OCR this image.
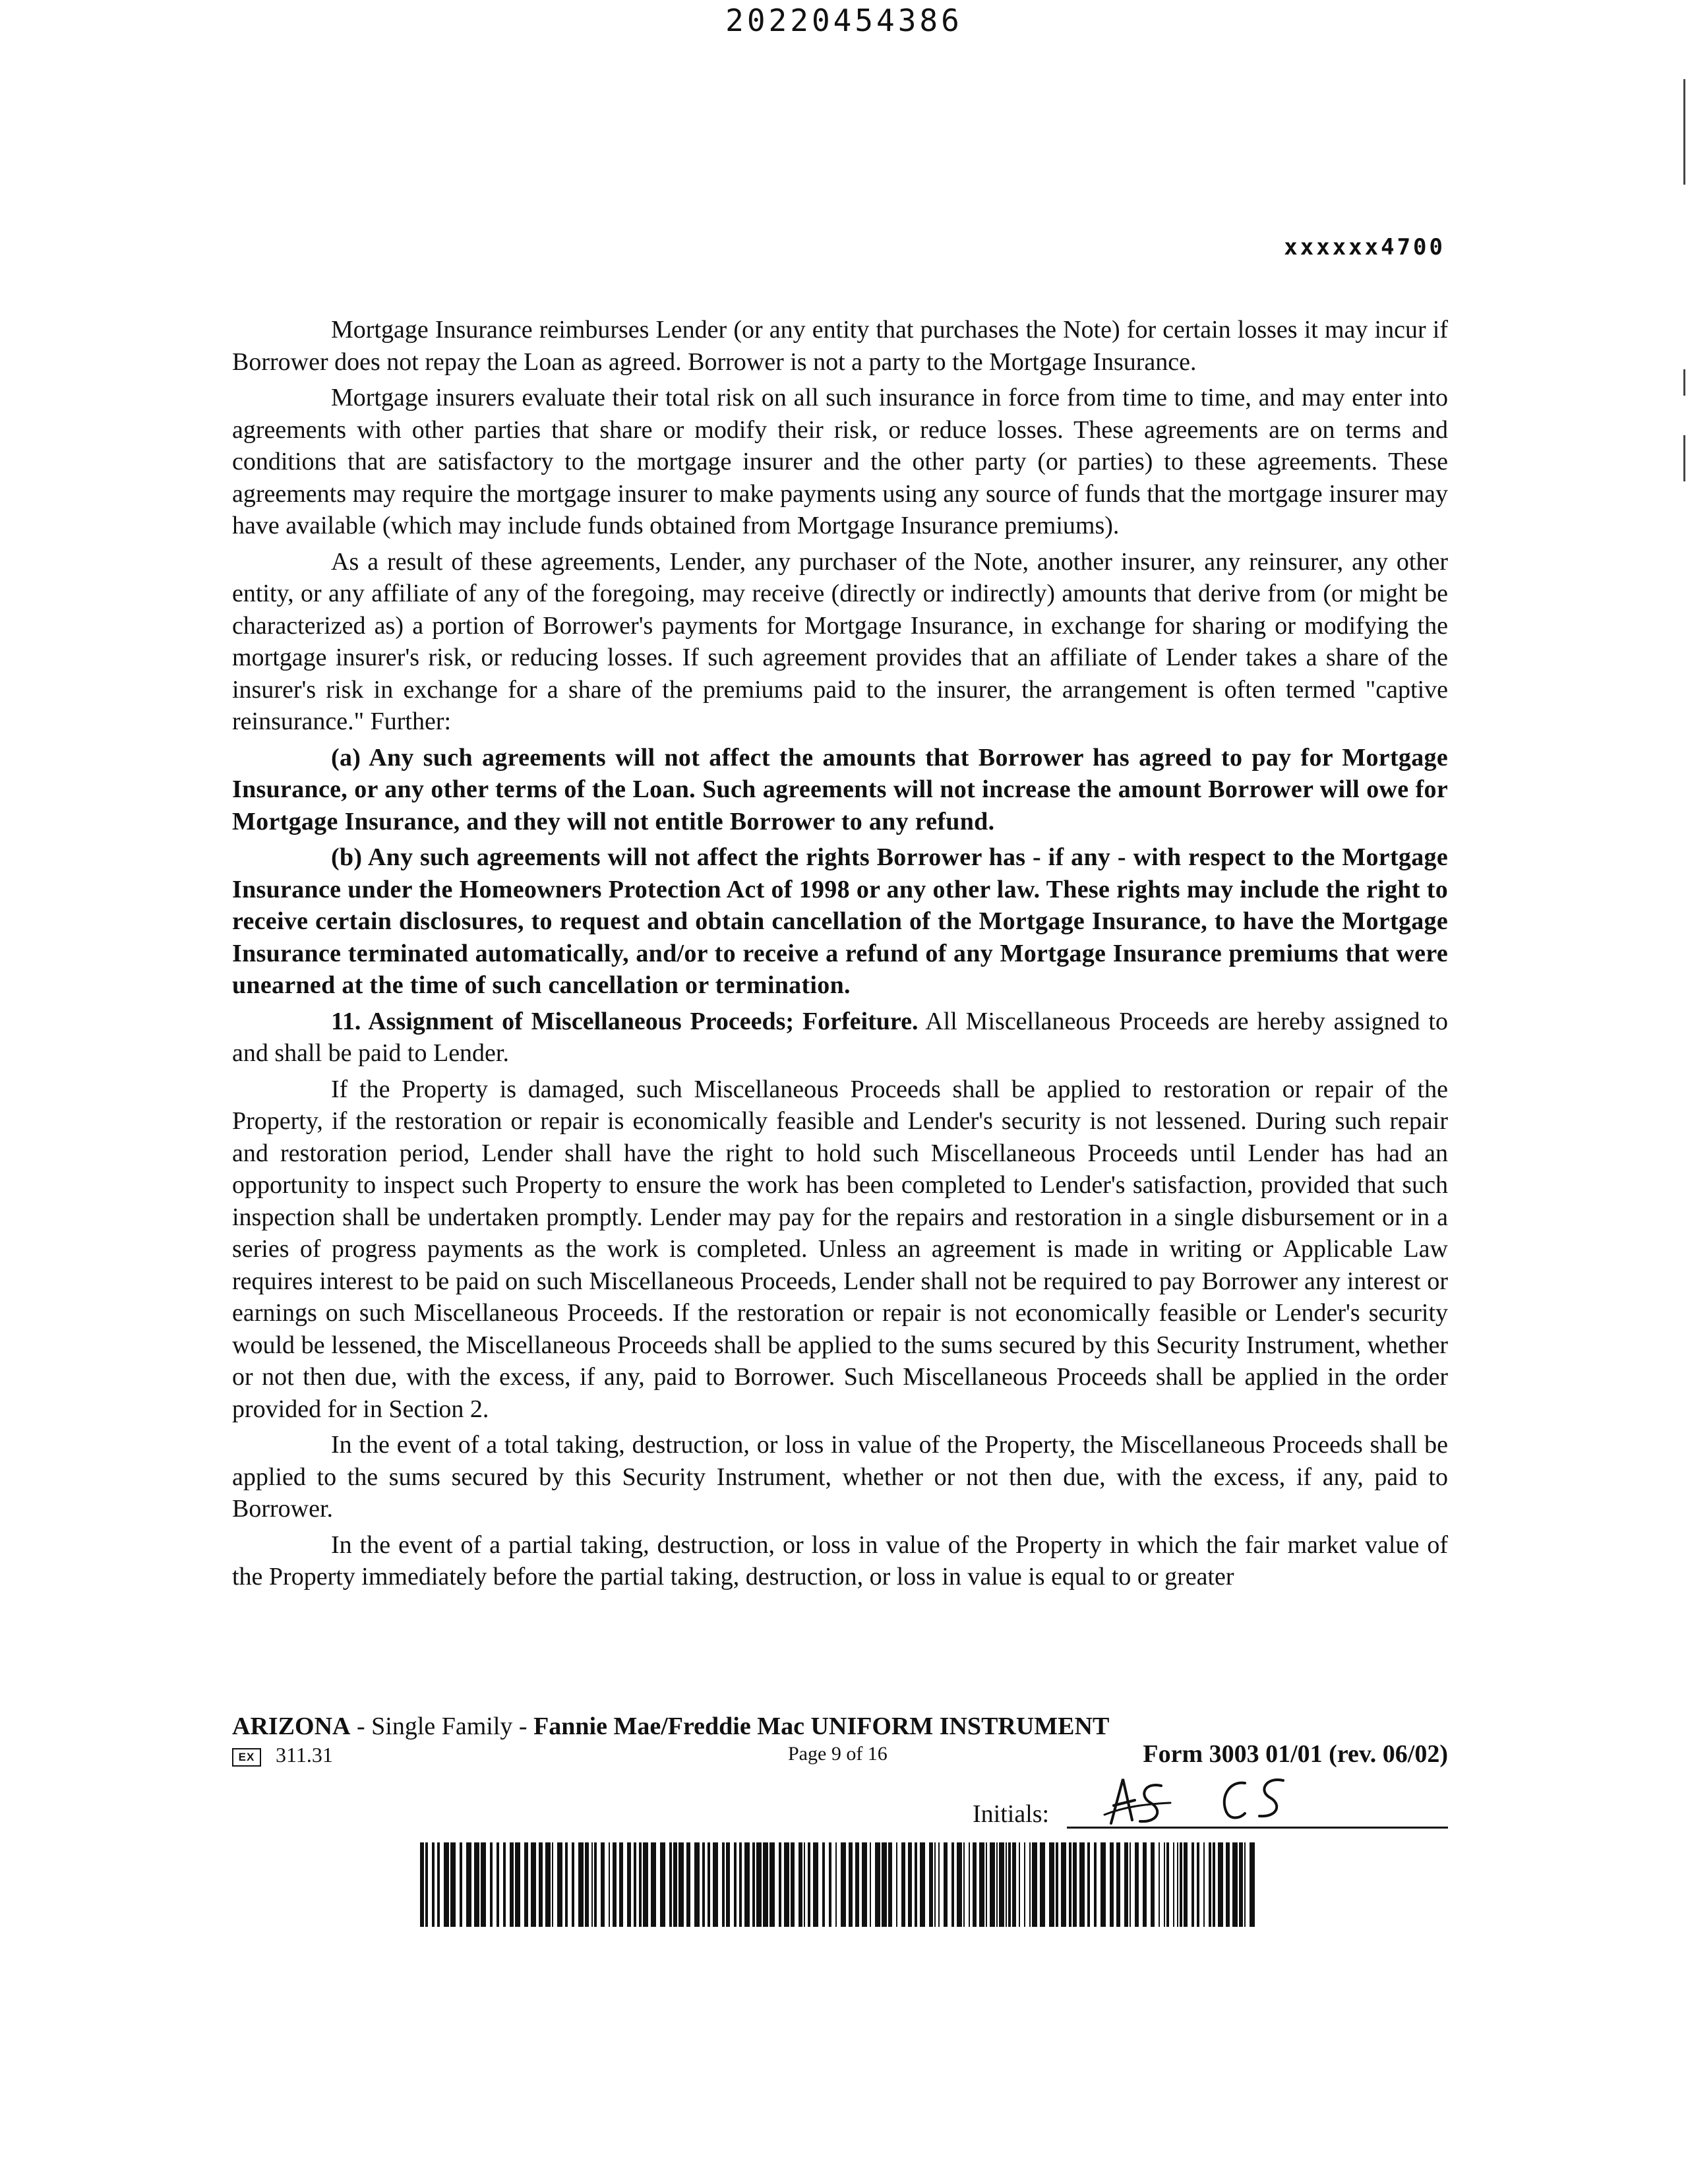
20220454386
xxxxxx4700

Mortgage Insurance reimburses Lender (or any entity that purchases the Note) for certain losses it may incur if Borrower does not repay the Loan as agreed. Borrower is not a party to the Mortgage Insurance.

Mortgage insurers evaluate their total risk on all such insurance in force from time to time, and may enter into agreements with other parties that share or modify their risk, or reduce losses. These agreements are on terms and conditions that are satisfactory to the mortgage insurer and the other party (or parties) to these agreements. These agreements may require the mortgage insurer to make payments using any source of funds that the mortgage insurer may have available (which may include funds obtained from Mortgage Insurance premiums).

As a result of these agreements, Lender, any purchaser of the Note, another insurer, any reinsurer, any other entity, or any affiliate of any of the foregoing, may receive (directly or indirectly) amounts that derive from (or might be characterized as) a portion of Borrower's payments for Mortgage Insurance, in exchange for sharing or modifying the mortgage insurer's risk, or reducing losses. If such agreement provides that an affiliate of Lender takes a share of the insurer's risk in exchange for a share of the premiums paid to the insurer, the arrangement is often termed "captive reinsurance." Further:

(a) Any such agreements will not affect the amounts that Borrower has agreed to pay for Mortgage Insurance, or any other terms of the Loan. Such agreements will not increase the amount Borrower will owe for Mortgage Insurance, and they will not entitle Borrower to any refund.

(b) Any such agreements will not affect the rights Borrower has - if any - with respect to the Mortgage Insurance under the Homeowners Protection Act of 1998 or any other law. These rights may include the right to receive certain disclosures, to request and obtain cancellation of the Mortgage Insurance, to have the Mortgage Insurance terminated automatically, and/or to receive a refund of any Mortgage Insurance premiums that were unearned at the time of such cancellation or termination.

11. Assignment of Miscellaneous Proceeds; Forfeiture. All Miscellaneous Proceeds are hereby assigned to and shall be paid to Lender.

If the Property is damaged, such Miscellaneous Proceeds shall be applied to restoration or repair of the Property, if the restoration or repair is economically feasible and Lender's security is not lessened. During such repair and restoration period, Lender shall have the right to hold such Miscellaneous Proceeds until Lender has had an opportunity to inspect such Property to ensure the work has been completed to Lender's satisfaction, provided that such inspection shall be undertaken promptly. Lender may pay for the repairs and restoration in a single disbursement or in a series of progress payments as the work is completed. Unless an agreement is made in writing or Applicable Law requires interest to be paid on such Miscellaneous Proceeds, Lender shall not be required to pay Borrower any interest or earnings on such Miscellaneous Proceeds. If the restoration or repair is not economically feasible or Lender's security would be lessened, the Miscellaneous Proceeds shall be applied to the sums secured by this Security Instrument, whether or not then due, with the excess, if any, paid to Borrower. Such Miscellaneous Proceeds shall be applied in the order provided for in Section 2.

In the event of a total taking, destruction, or loss in value of the Property, the Miscellaneous Proceeds shall be applied to the sums secured by this Security Instrument, whether or not then due, with the excess, if any, paid to Borrower.

In the event of a partial taking, destruction, or loss in value of the Property in which the fair market value of the Property immediately before the partial taking, destruction, or loss in value is equal to or greater

ARIZONA - Single Family - Fannie Mae/Freddie Mac UNIFORM INSTRUMENT
EX 311.31	Page 9 of 16	Form 3003 01/01 (rev. 06/02)
Initials:
